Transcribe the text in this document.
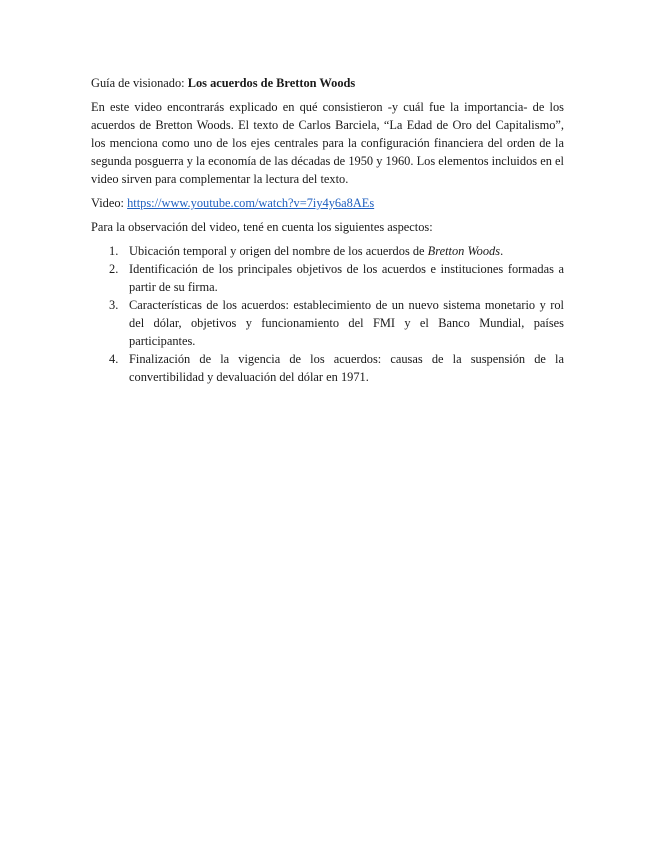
Guía de visionado: Los acuerdos de Bretton Woods

En este video encontrarás explicado en qué consistieron -y cuál fue la importancia- de los acuerdos de Bretton Woods. El texto de Carlos Barciela, “La Edad de Oro del Capitalismo”, los menciona como uno de los ejes centrales para la configuración financiera del orden de la segunda posguerra y la economía de las décadas de 1950 y 1960. Los elementos incluidos en el video sirven para complementar la lectura del texto.

Video: https://www.youtube.com/watch?v=7iy4y6a8AEs

Para la observación del video, tené en cuenta los siguientes aspectos:

1. Ubicación temporal y origen del nombre de los acuerdos de Bretton Woods.
2. Identificación de los principales objetivos de los acuerdos e instituciones formadas a partir de su firma.
3. Características de los acuerdos: establecimiento de un nuevo sistema monetario y rol del dólar, objetivos y funcionamiento del FMI y el Banco Mundial, países participantes.
4. Finalización de la vigencia de los acuerdos: causas de la suspensión de la convertibilidad y devaluación del dólar en 1971.
